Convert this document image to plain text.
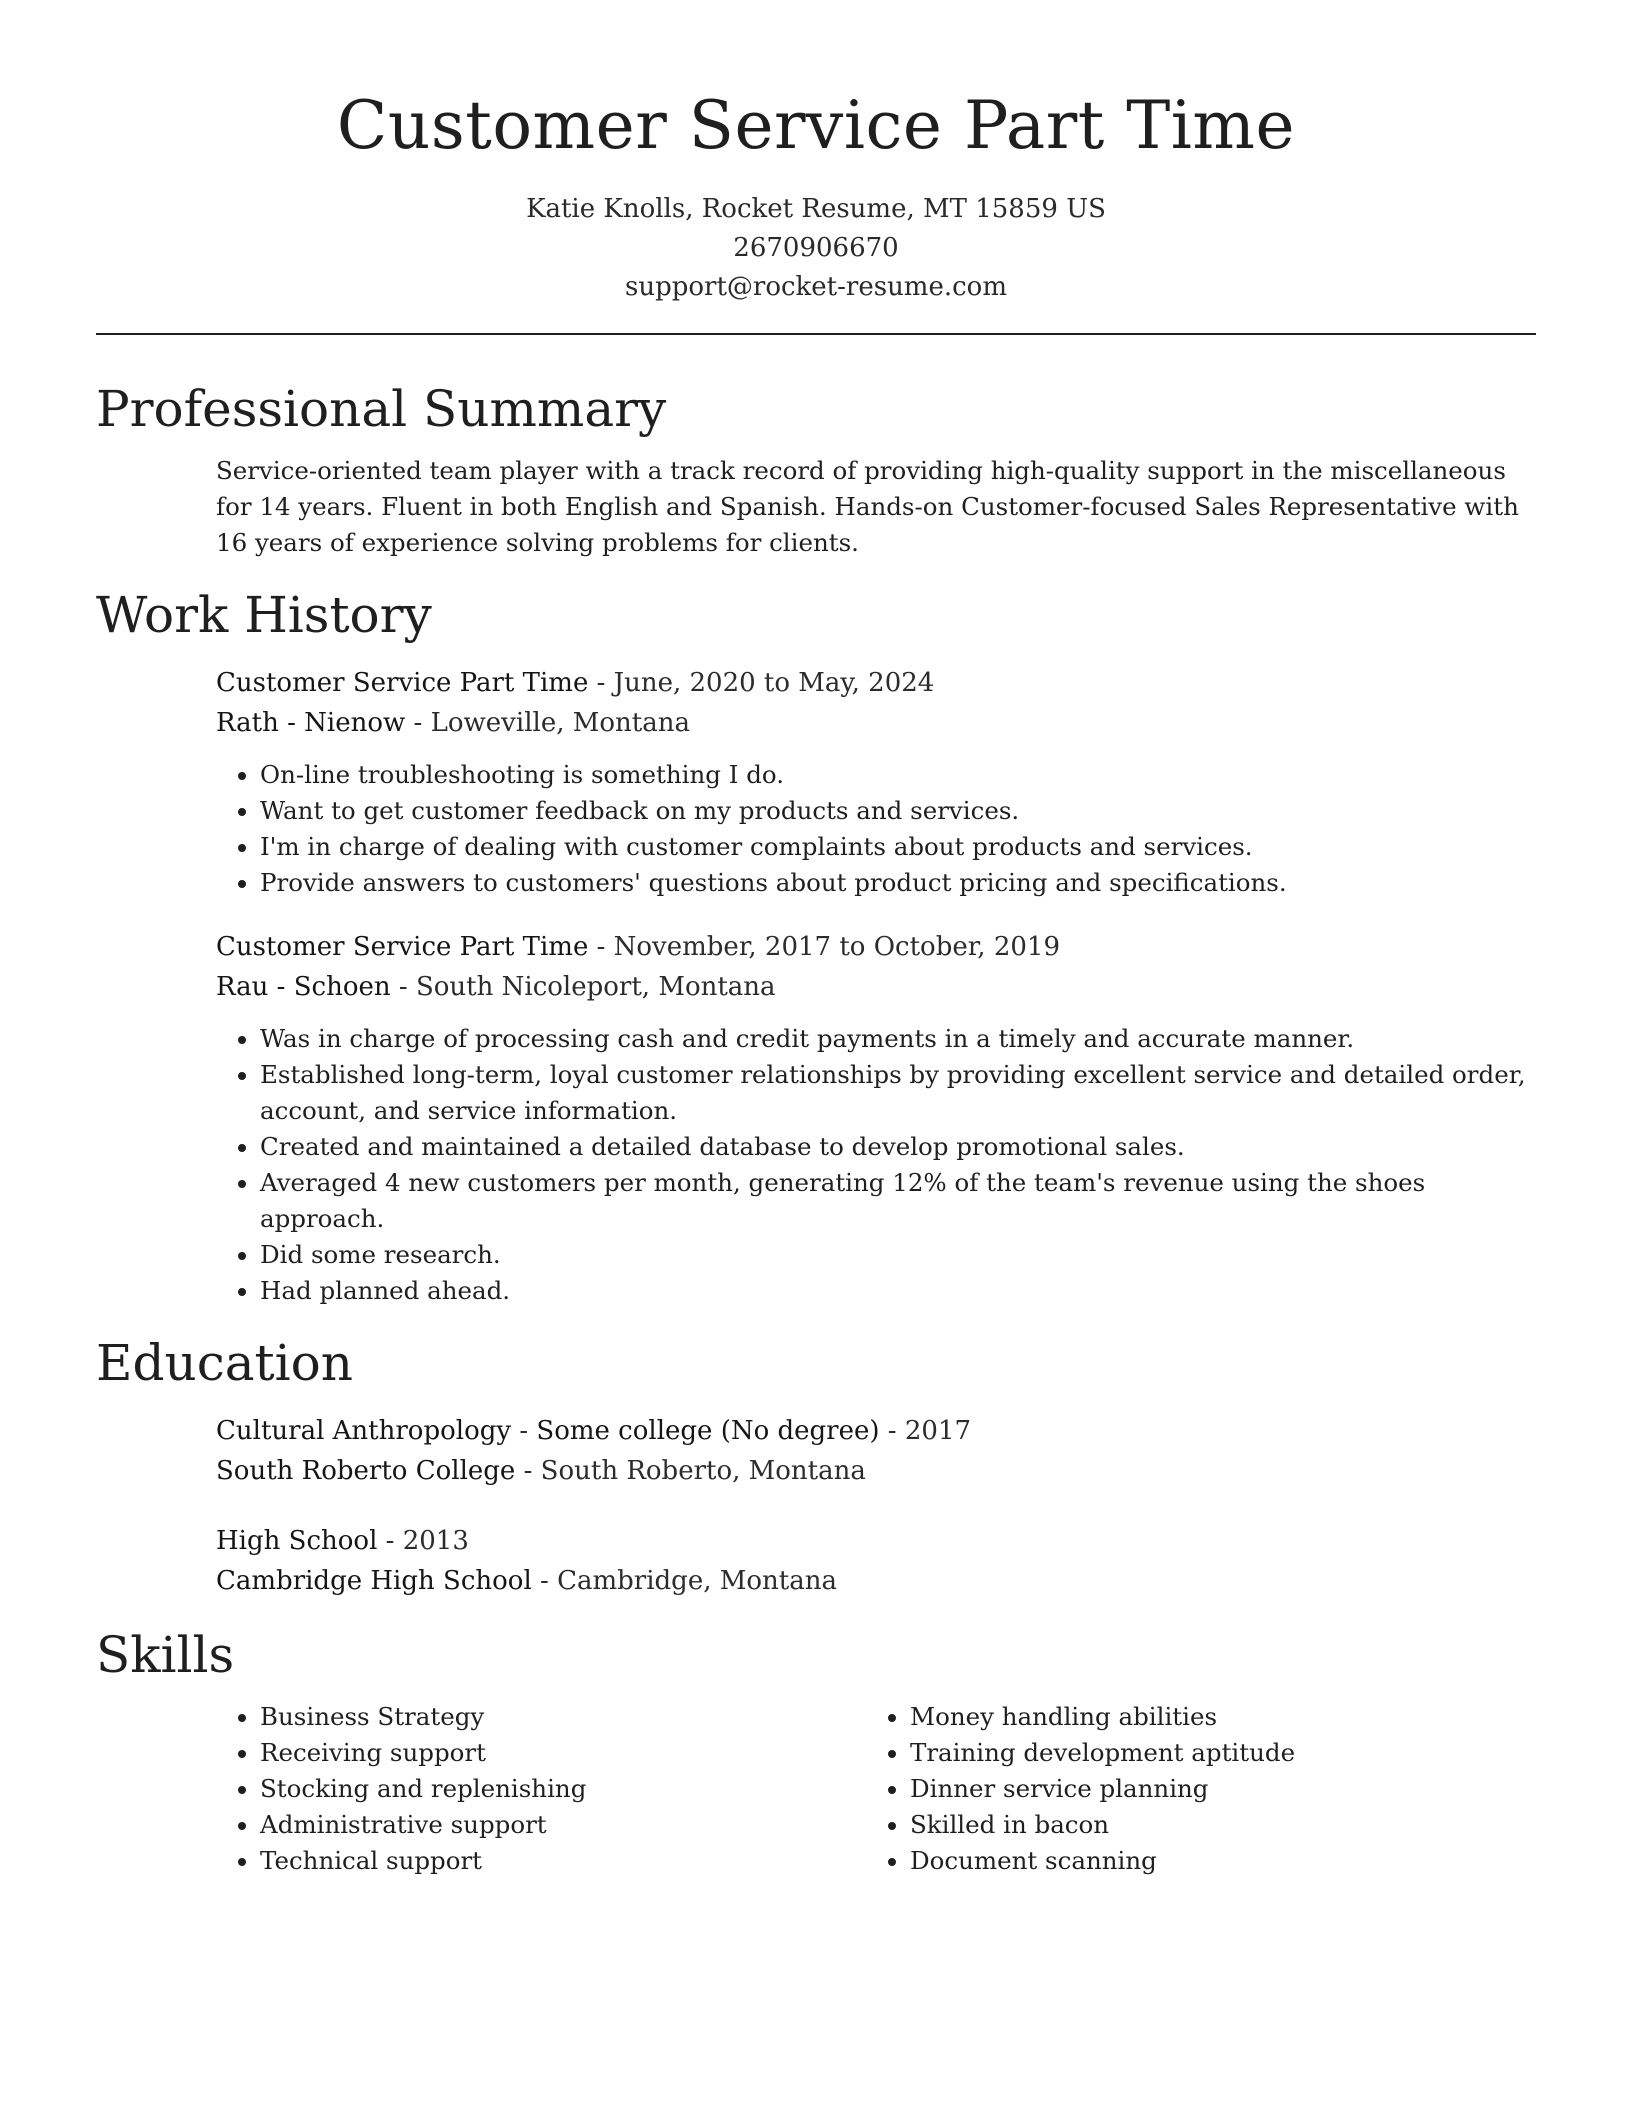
Customer Service Part Time
Katie Knolls, Rocket Resume, MT 15859 US
2670906670
support@rocket-resume.com
Professional Summary
Service-oriented team player with a track record of providing high-quality support in the miscellaneous for 14 years. Fluent in both English and Spanish. Hands-on Customer-focused Sales Representative with 16 years of experience solving problems for clients.
Work History
Customer Service Part Time - June, 2020 to May, 2024
Rath - Nienow - Loweville, Montana
• On-line troubleshooting is something I do.
• Want to get customer feedback on my products and services.
• I'm in charge of dealing with customer complaints about products and services.
• Provide answers to customers' questions about product pricing and specifications.
Customer Service Part Time - November, 2017 to October, 2019
Rau - Schoen - South Nicoleport, Montana
• Was in charge of processing cash and credit payments in a timely and accurate manner.
• Established long-term, loyal customer relationships by providing excellent service and detailed order, account, and service information.
• Created and maintained a detailed database to develop promotional sales.
• Averaged 4 new customers per month, generating 12% of the team's revenue using the shoes approach.
• Did some research.
• Had planned ahead.
Education
Cultural Anthropology - Some college (No degree) - 2017
South Roberto College - South Roberto, Montana
High School - 2013
Cambridge High School - Cambridge, Montana
Skills
• Business Strategy
• Receiving support
• Stocking and replenishing
• Administrative support
• Technical support
• Money handling abilities
• Training development aptitude
• Dinner service planning
• Skilled in bacon
• Document scanning
